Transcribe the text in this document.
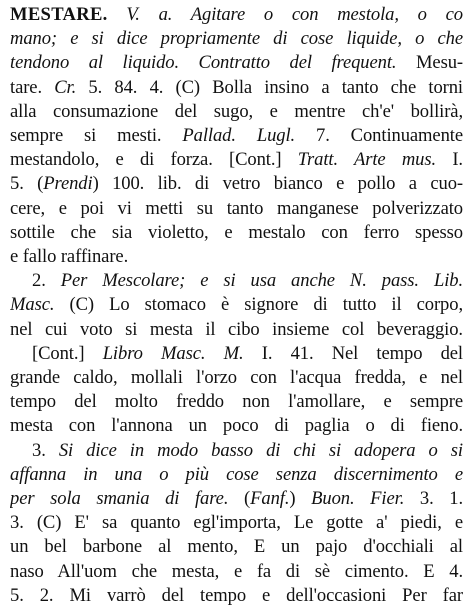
MESTARE. V. a. Agitare o con mestola, o co
mano; e si dice propriamente di cose liquide, o che
tendono al liquido. Contratto del frequent. Mesu-
tare. Cr. 5. 84. 4. (C) Bolla insino a tanto che torni
alla consumazione del sugo, e mentre ch'e' bollirà,
sempre si mesti. Pallad. Lugl. 7. Continuamente
mestandolo, e di forza. [Cont.] Tratt. Arte mus. I.
5. (Prendi) 100. lib. di vetro bianco e pollo a cuo-
cere, e poi vi metti su tanto manganese polverizzato
sottile che sia violetto, e mestalo con ferro spesso
e fallo raffinare.
2. Per Mescolare; e si usa anche N. pass. Lib.
Masc. (C) Lo stomaco è signore di tutto il corpo,
nel cui voto si mesta il cibo insieme col beveraggio.
[Cont.] Libro Masc. M. I. 41. Nel tempo del
grande caldo, mollali l'orzo con l'acqua fredda, e nel
tempo del molto freddo non l'amollare, e sempre
mesta con l'annona un poco di paglia o di fieno.
3. Si dice in modo basso di chi si adopera o si
affanna in una o più cose senza discernimento e
per sola smania di fare. (Fanf.) Buon. Fier. 3. 1.
3. (C) E' sa quanto egl'importa, Le gotte a' piedi, e
un bel barbone al mento, E un pajo d'occhiali al
naso All'uom che mesta, e fa di sè cimento. E 4.
5. 2. Mi varrò del tempo e dell'occasioni Per far
